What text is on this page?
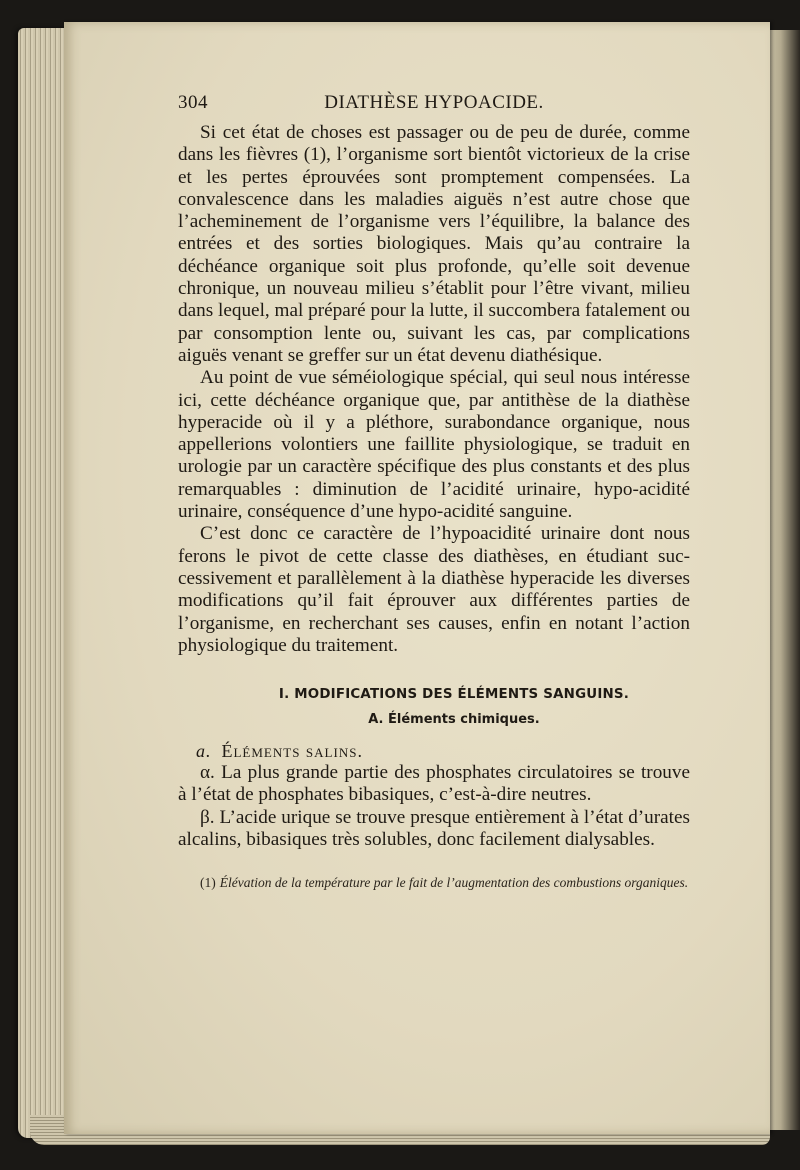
304	DIATHÈSE HYPOACIDE.

Si cet état de choses est passager ou de peu de durée, comme dans les fièvres (1), l’organisme sort bientôt victorieux de la crise et les pertes éprouvées sont promptement compensées. La convalescence dans les maladies aiguës n’est autre chose que l’acheminement de l’organisme vers l’équilibre, la balance des entrées et des sorties biologiques. Mais qu’au contraire la déchéance organique soit plus profonde, qu’elle soit devenue chronique, un nouveau milieu s’établit pour l’être vivant, milieu dans lequel, mal préparé pour la lutte, il succombera fatalement ou par consomption lente ou, suivant les cas, par complications aiguës venant se greffer sur un état devenu diathésique.

Au point de vue séméiologique spécial, qui seul nous intéresse ici, cette déchéance organique que, par antithèse de la diathèse hyperacide où il y a pléthore, surabondance organique, nous appellerions volontiers une faillite physiologique, se traduit en urologie par un caractère spécifique des plus constants et des plus remarquables : diminution de l’acidité urinaire, hypo-acidité urinaire, conséquence d’une hypo-acidité sanguine.

C’est donc ce caractère de l’hypoacidité urinaire dont nous ferons le pivot de cette classe des diathèses, en étudiant successivement et parallèlement à la diathèse hyperacide les diverses modifications qu’il fait éprouver aux différentes parties de l’organisme, en recherchant ses causes, enfin en notant l’action physiologique du traitement.

I. MODIFICATIONS DES ÉLÉMENTS SANGUINS.
A. Éléments chimiques.
a. Éléments salins.

α. La plus grande partie des phosphates circulatoires se trouve à l’état de phosphates bibasiques, c’est-à-dire neutres.

β. L’acide urique se trouve presque entièrement à l’état d’urates alcalins, bibasiques très solubles, donc facilement dialysables.

(1) Élévation de la température par le fait de l’augmentation des combustions organiques.
